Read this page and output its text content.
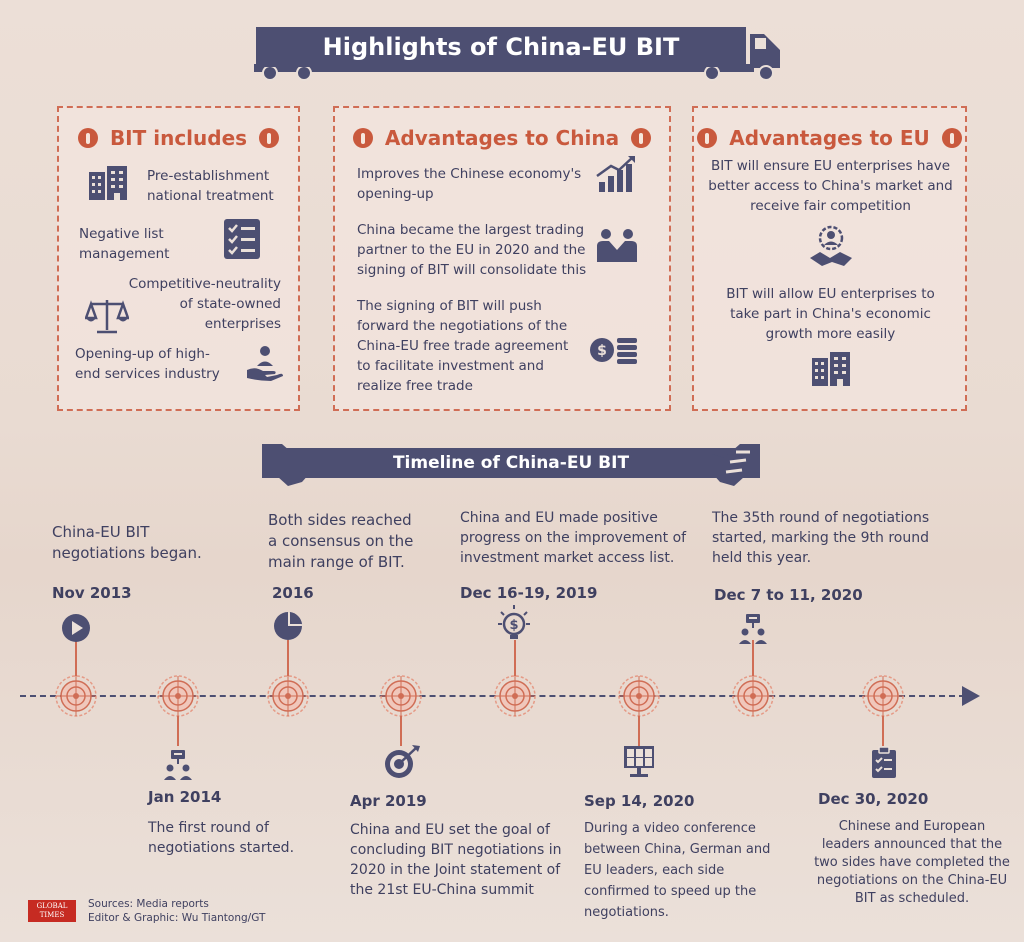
Highlights of China-EU BIT
BIT includes
Pre-establishment national treatment
Negative list management
Competitive-neutrality of state-owned enterprises
Opening-up of high-end services industry
Advantages to China
Improves the Chinese economy's opening-up
China became the largest trading partner to the EU in 2020 and the signing of BIT will consolidate this
The signing of BIT will push forward the negotiations of the China-EU free trade agreement to facilitate investment and realize free trade
$
Advantages to EU
BIT will ensure EU enterprises have better access to China's market and receive fair competition
BIT will allow EU enterprises to take part in China's economic growth more easily
Timeline of China-EU BIT
$
China-EU BIT negotiations began.
Nov 2013
Both sides reached a consensus on the main range of BIT.
2016
China and EU made positive progress on the improvement of investment market access list.
Dec 16-19, 2019
The 35th round of negotiations started, marking the 9th round held this year.
Dec 7 to 11, 2020
Jan 2014
The first round of negotiations started.
Apr 2019
China and EU set the goal of concluding BIT negotiations in 2020 in the Joint statement of the 21st EU-China summit
Sep 14, 2020
During a video conference between China, German and EU leaders, each side confirmed to speed up the negotiations.
Dec 30, 2020
Chinese and European leaders announced that the two sides have completed the negotiations on the China-EU BIT as scheduled.
GLOBAL TIMES
Sources: Media reports
Editor & Graphic: Wu Tiantong/GT
